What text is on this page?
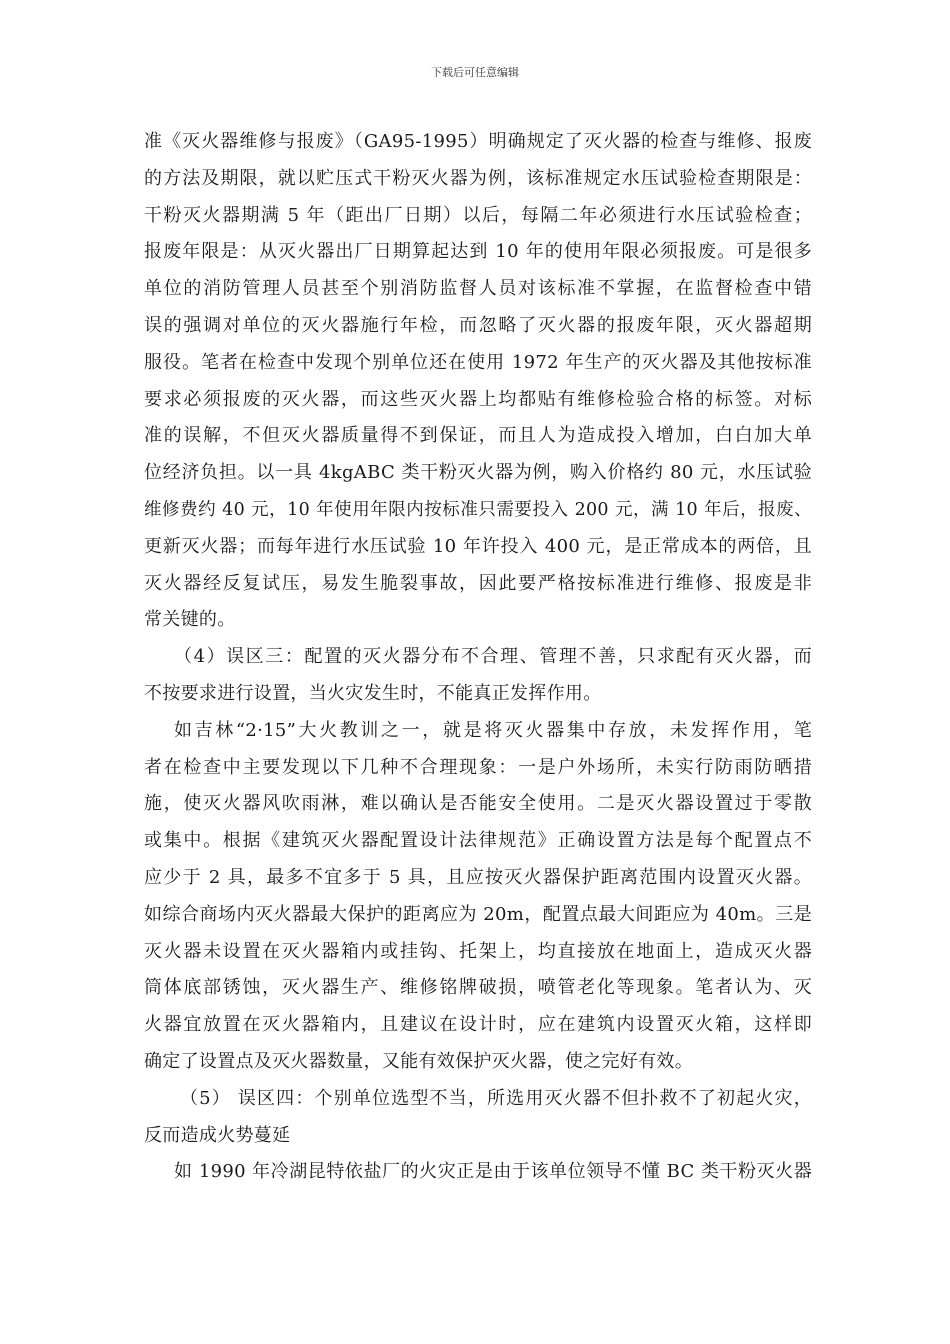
下载后可任意编辑
准《灭火器维修与报废》（GA95-1995）明确规定了灭火器的检查与维修、报废
的方法及期限，就以贮压式干粉灭火器为例，该标准规定水压试验检查期限是：
干粉灭火器期满 5 年（距出厂日期）以后，每隔二年必须进行水压试验检查；
报废年限是：从灭火器出厂日期算起达到 10 年的使用年限必须报废。可是很多
单位的消防管理人员甚至个别消防监督人员对该标准不掌握，在监督检查中错
误的强调对单位的灭火器施行年检，而忽略了灭火器的报废年限，灭火器超期
服役。笔者在检查中发现个别单位还在使用 1972 年生产的灭火器及其他按标准
要求必须报废的灭火器，而这些灭火器上均都贴有维修检验合格的标签。对标
准的误解，不但灭火器质量得不到保证，而且人为造成投入增加，白白加大单
位经济负担。以一具 4kgABC 类干粉灭火器为例，购入价格约 80 元，水压试验
维修费约 40 元，10 年使用年限内按标准只需要投入 200 元，满 10 年后，报废、
更新灭火器；而每年进行水压试验 10 年许投入 400 元，是正常成本的两倍，且
灭火器经反复试压，易发生脆裂事故，因此要严格按标准进行维修、报废是非
常关键的。
（4）误区三：配置的灭火器分布不合理、管理不善，只求配有灭火器，而
不按要求进行设置，当火灾发生时，不能真正发挥作用。
如吉林“2·15”大火教训之一，就是将灭火器集中存放，未发挥作用，笔
者在检查中主要发现以下几种不合理现象：一是户外场所，未实行防雨防晒措
施，使灭火器风吹雨淋，难以确认是否能安全使用。二是灭火器设置过于零散
或集中。根据《建筑灭火器配置设计法律规范》正确设置方法是每个配置点不
应少于 2 具，最多不宜多于 5 具，且应按灭火器保护距离范围内设置灭火器。
如综合商场内灭火器最大保护的距离应为 20m，配置点最大间距应为 40m。三是
灭火器未设置在灭火器箱内或挂钩、托架上，均直接放在地面上，造成灭火器
筒体底部锈蚀，灭火器生产、维修铭牌破损，喷管老化等现象。笔者认为、灭
火器宜放置在灭火器箱内，且建议在设计时，应在建筑内设置灭火箱，这样即
确定了设置点及灭火器数量，又能有效保护灭火器，使之完好有效。
（5） 误区四：个别单位选型不当，所选用灭火器不但扑救不了初起火灾，
反而造成火势蔓延
如 1990 年冷湖昆特依盐厂的火灾正是由于该单位领导不懂 BC 类干粉灭火器
